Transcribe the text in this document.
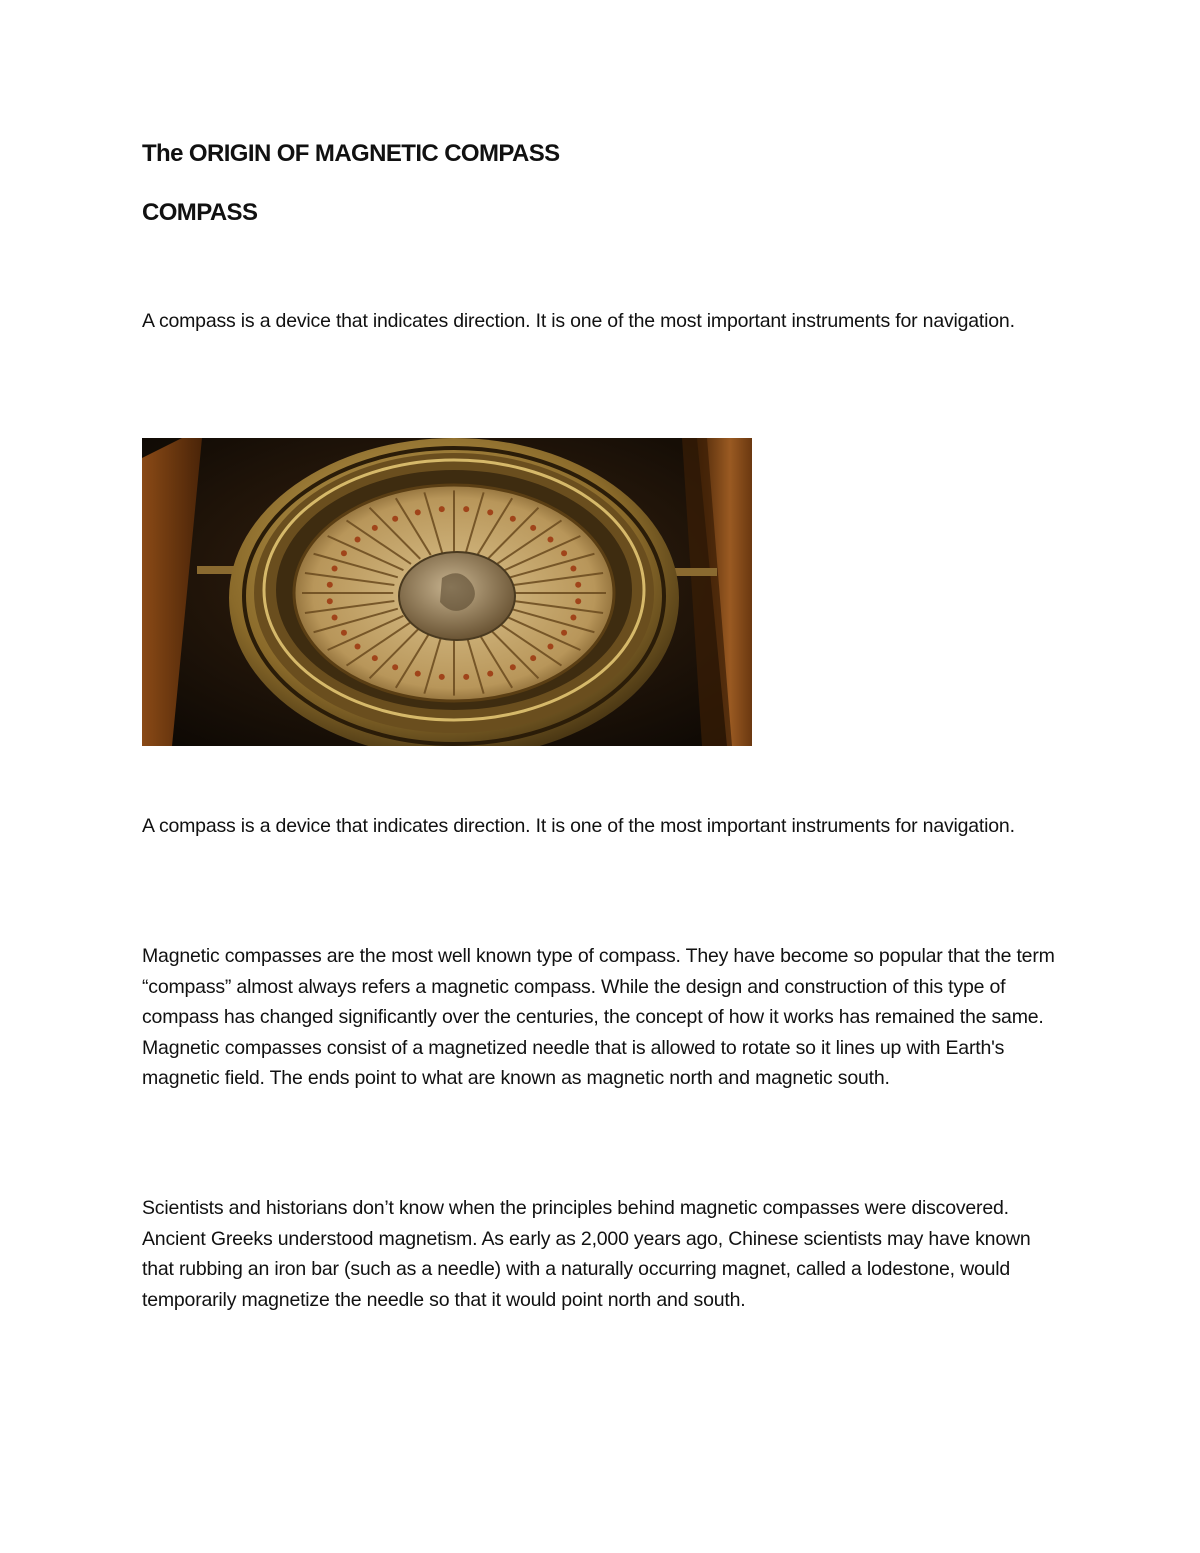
The ORIGIN OF MAGNETIC COMPASS
COMPASS

A compass is a device that indicates direction. It is one of the most important instruments for navigation.

A compass is a device that indicates direction. It is one of the most important instruments for navigation.

Magnetic compasses are the most well known type of compass. They have become so popular that the term “compass” almost always refers a magnetic compass. While the design and construction of this type of compass has changed significantly over the centuries, the concept of how it works has remained the same. Magnetic compasses consist of a magnetized needle that is allowed to rotate so it lines up with Earth's magnetic field. The ends point to what are known as magnetic north and magnetic south.

Scientists and historians don’t know when the principles behind magnetic compasses were discovered. Ancient Greeks understood magnetism. As early as 2,000 years ago, Chinese scientists may have known that rubbing an iron bar (such as a needle) with a naturally occurring magnet, called a lodestone, would temporarily magnetize the needle so that it would point north and south.
